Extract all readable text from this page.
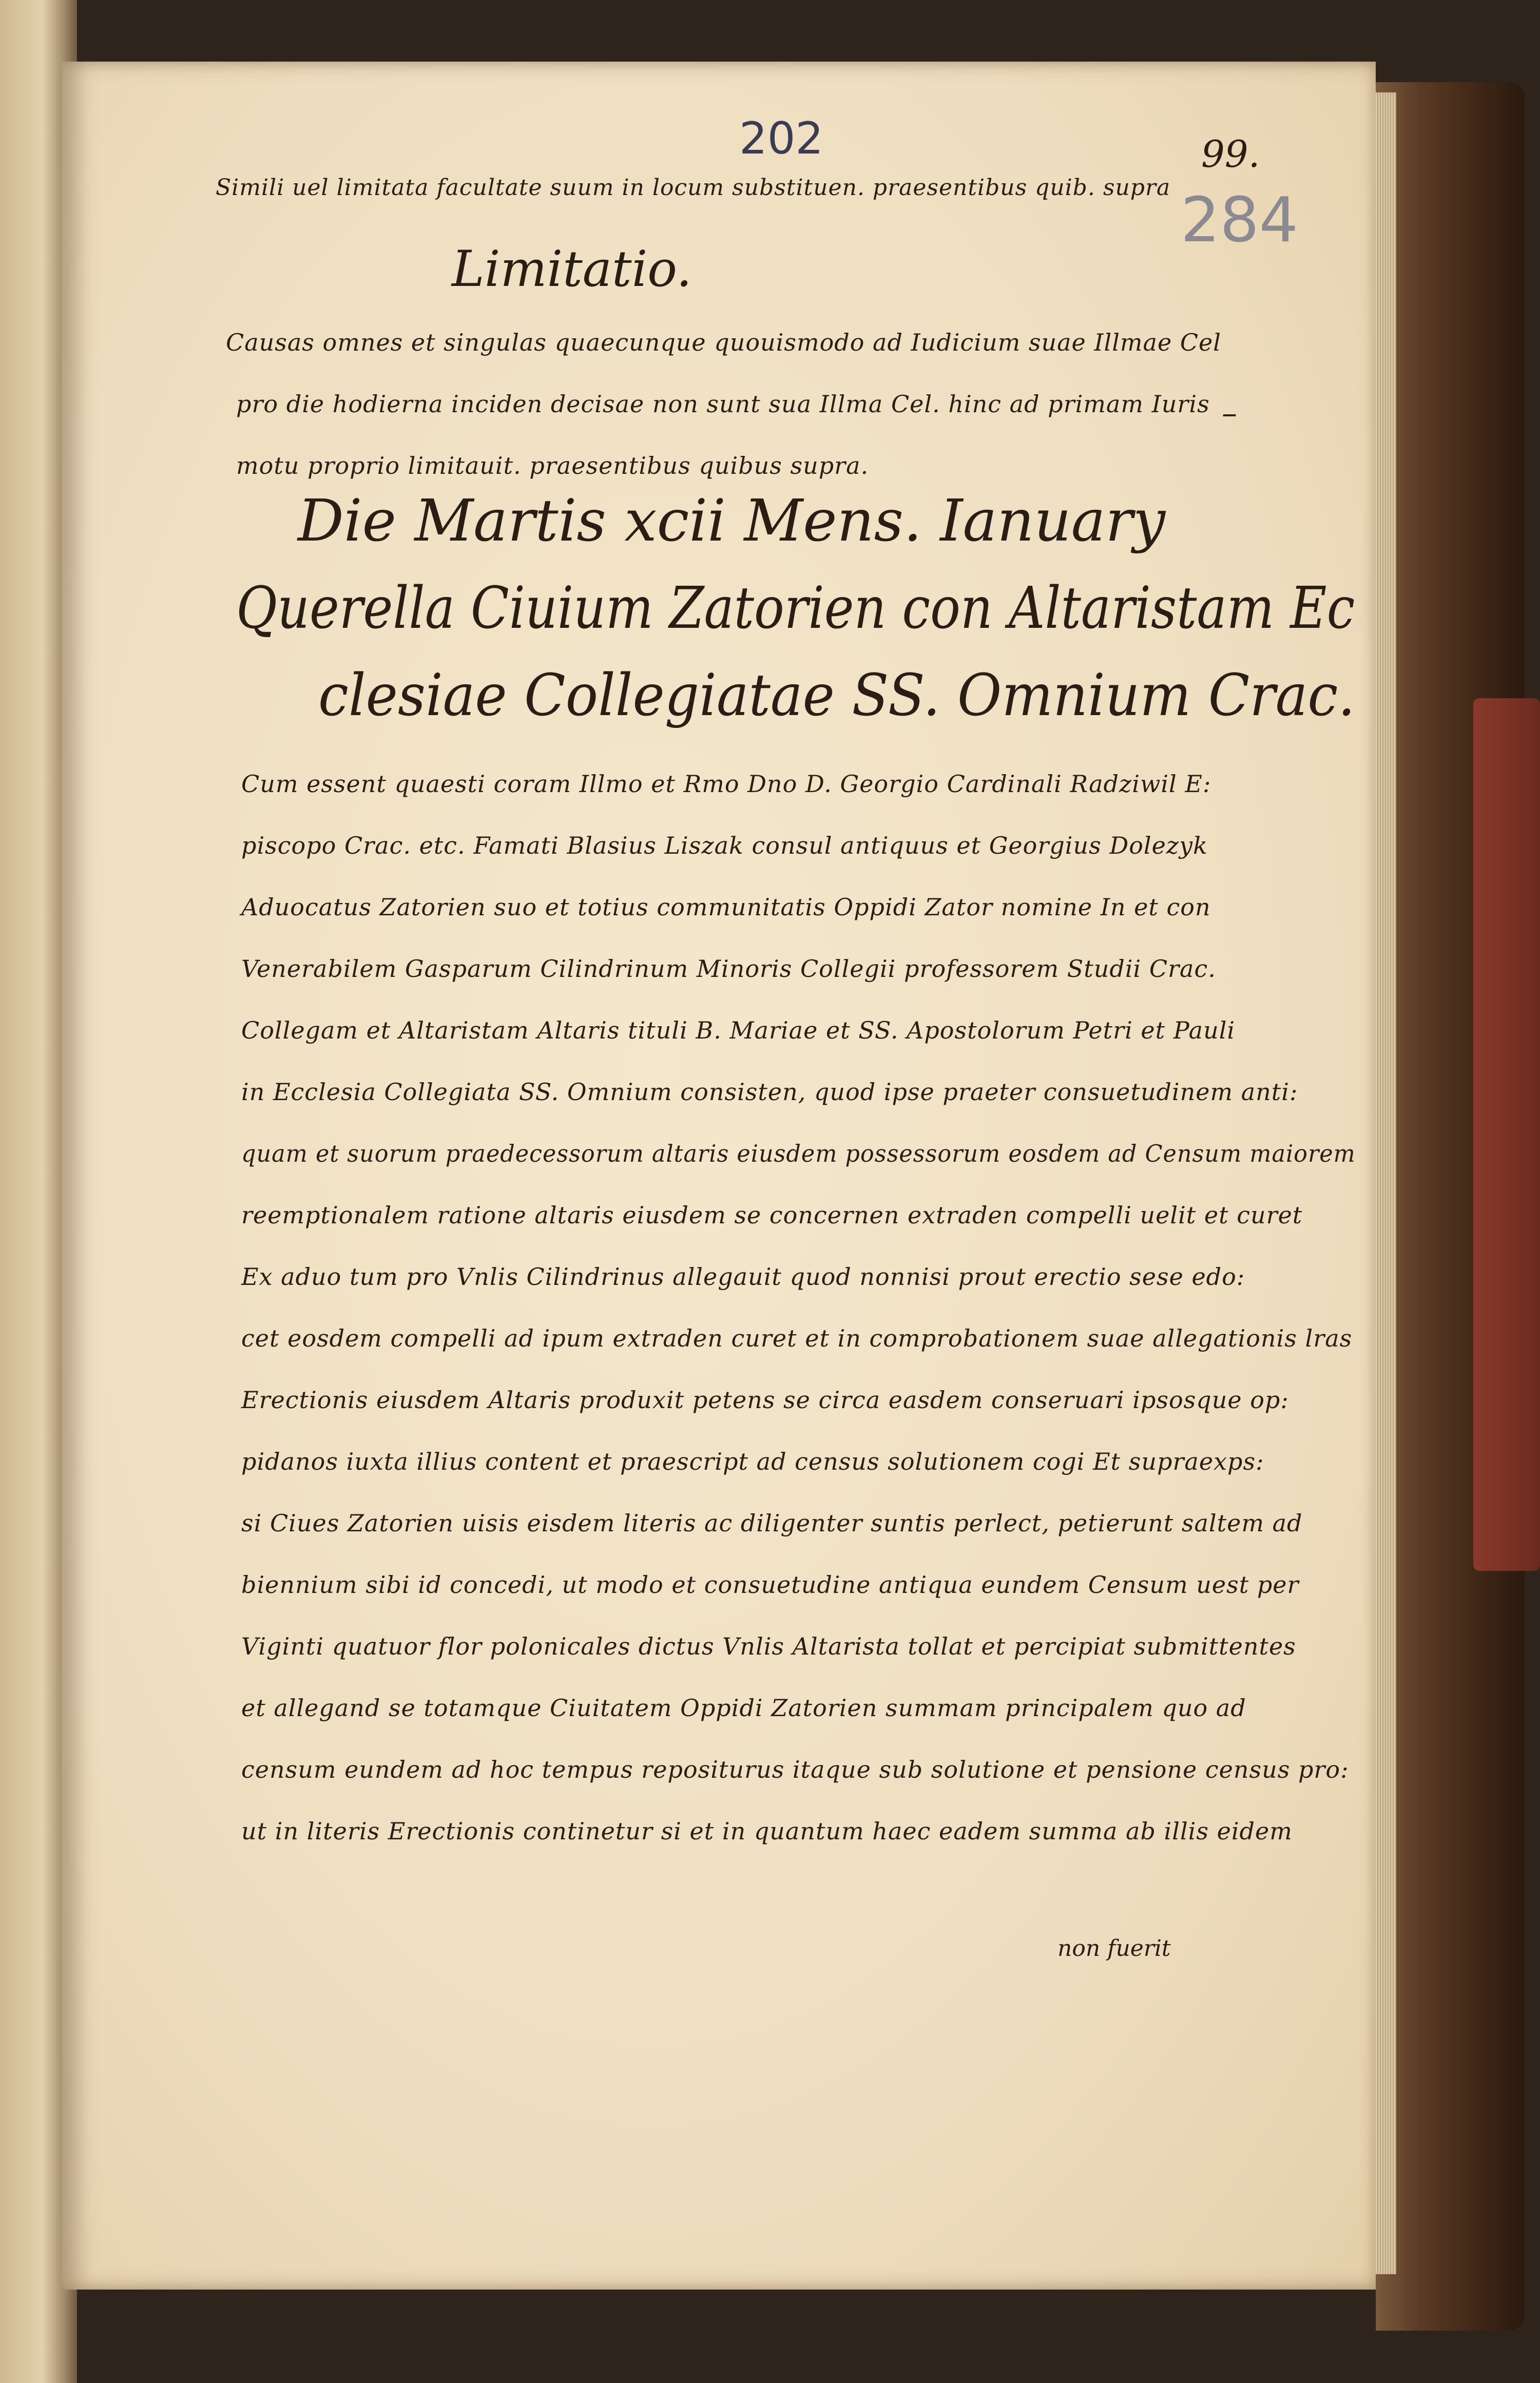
202	99.
284
Simili uel limitata facultate suum in locum substituen. praesentibus quib. supra
Limitatio.
Causas omnes et singulas quaecunque quouismodo ad Iudicium suae Illmae Cel
pro die hodierna inciden decisae non sunt sua Illma Cel. hinc ad primam Iuris
motu proprio limitauit. praesentibus quibus supra.
–
Die Martis xcii Mens. Ianuary
Querella Ciuium Zatorien con Altaristam Ec
clesiae Collegiatae SS. Omnium Crac.
Cum essent quaesti coram Illmo et Rmo Dno D. Georgio Cardinali Radziwil E:
piscopo Crac. etc. Famati Blasius Liszak consul antiquus et Georgius Dolezyk
Aduocatus Zatorien suo et totius communitatis Oppidi Zator nomine In et con
Venerabilem Gasparum Cilindrinum Minoris Collegii professorem Studii Crac.
Collegam et Altaristam Altaris tituli B. Mariae et SS. Apostolorum Petri et Pauli
in Ecclesia Collegiata SS. Omnium consisten, quod ipse praeter consuetudinem anti:
quam et suorum praedecessorum altaris eiusdem possessorum eosdem ad Censum maiorem
reemptionalem ratione altaris eiusdem se concernen extraden compelli uelit et curet
Ex aduo tum pro Vnlis Cilindrinus allegauit quod nonnisi prout erectio sese edo:
cet eosdem compelli ad ipum extraden curet et in comprobationem suae allegationis lras
Erectionis eiusdem Altaris produxit petens se circa easdem conseruari ipsosque op:
pidanos iuxta illius content et praescript ad census solutionem cogi Et supraexps:
si Ciues Zatorien uisis eisdem literis ac diligenter suntis perlect, petierunt saltem ad
biennium sibi id concedi, ut modo et consuetudine antiqua eundem Censum uest per
Viginti quatuor flor polonicales dictus Vnlis Altarista tollat et percipiat submittentes
et allegand se totamque Ciuitatem Oppidi Zatorien summam principalem quo ad
censum eundem ad hoc tempus repositurus itaque sub solutione et pensione census pro:
ut in literis Erectionis continetur si et in quantum haec eadem summa ab illis eidem
non fuerit
